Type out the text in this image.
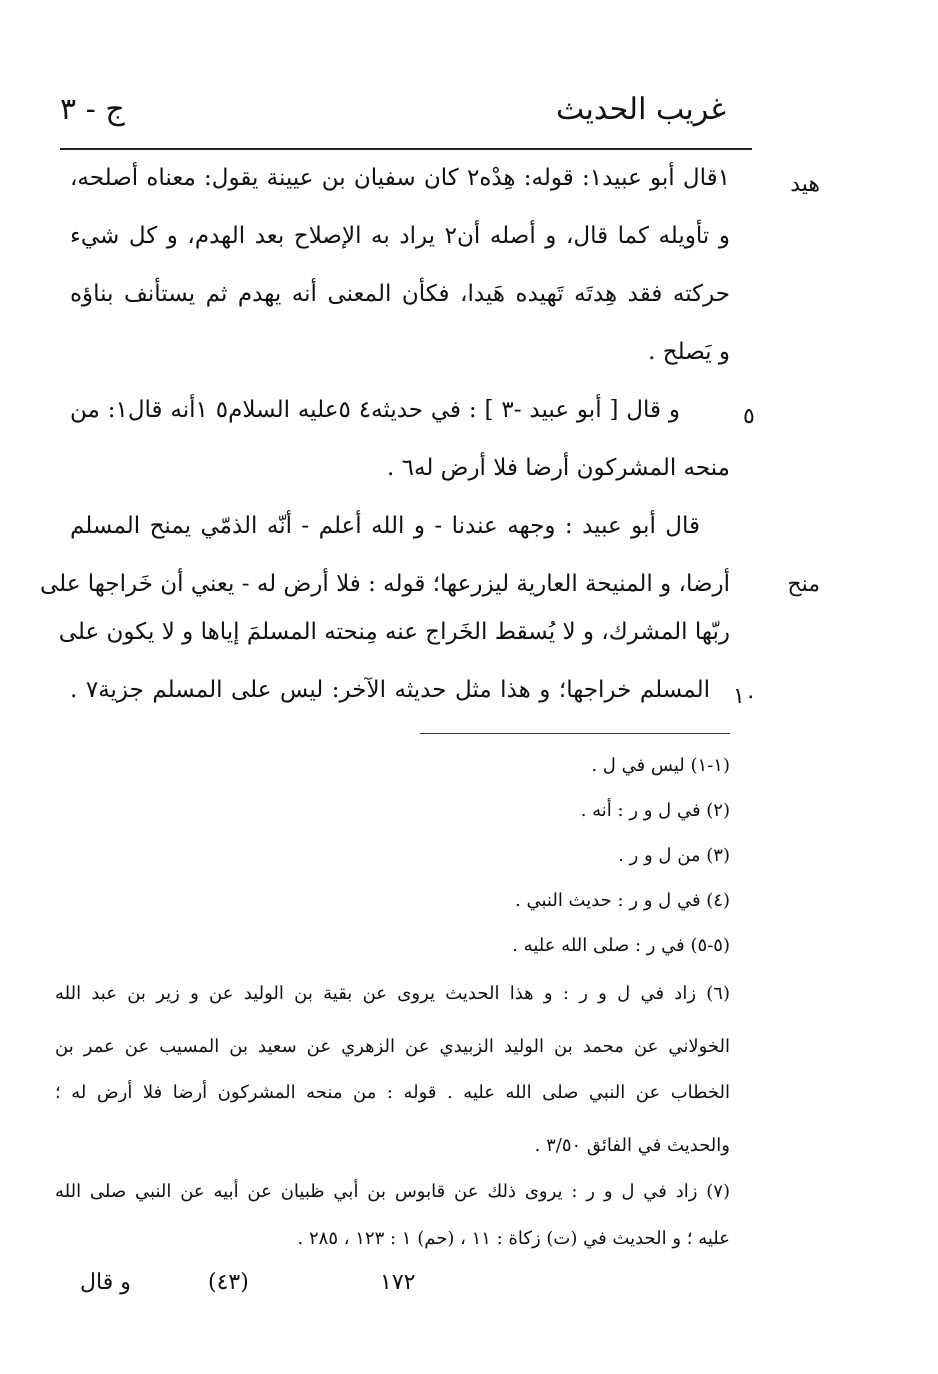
غريب الحديث
ج - ٣
هيد
منح
٥
١٠
١قال أبو عبيد١: قوله: هِدْه٢ كان سفيان بن عيينة يقول: معناه أصلحه،
و تأويله كما قال، و أصله أن٢ يراد به الإصلاح بعد الهدم، و كل شيء
حركته فقد هِدتَه تَهيده هَيدا، فكأن المعنى أنه يهدم ثم يستأنف بناؤه
و يَصلح .
و قال [ أبو عبيد -٣ ] : في حديثه٤ ٥عليه السلام٥ ١أنه قال١: من
منحه المشركون أرضا فلا أرض له٦ .
قال أبو عبيد : وجهه عندنا - و الله أعلم - أنّه الذمّي يمنح المسلم
أرضا، و المنيحة العارية ليزرعها؛ قوله : فلا أرض له - يعني أن خَراجها على
ربّها المشرك، و لا يُسقط الخَراج عنه مِنحته المسلمَ إياها و لا يكون على
المسلم خراجها؛ و هذا مثل حديثه الآخر: ليس على المسلم جزية٧ .
(١-١) ليس في ل .
(٢) في ل و ر : أنه .
(٣) من ل و ر .
(٤) في ل و ر : حديث النبي .
(٥-٥) في ر : صلى الله عليه .
(٦) زاد في ل و ر : و هذا الحديث يروى عن بقية بن الوليد عن و زير بن عبد الله
الخولاني عن محمد بن الوليد الزبيدي عن الزهري عن سعيد بن المسيب عن عمر بن
الخطاب عن النبي صلى الله عليه . قوله : من منحه المشركون أرضا فلا أرض له ؛
والحديث في الفائق ٣/٥٠ .
(٧) زاد في ل و ر : يروى ذلك عن قابوس بن أبي ظبيان عن أبيه عن النبي صلى الله
عليه ؛ و الحديث في (ت) زكاة : ١١ ، (حم) ١ : ١٢٣ ، ٢٨٥ .
و قال	(٤٣)	١٧٢
